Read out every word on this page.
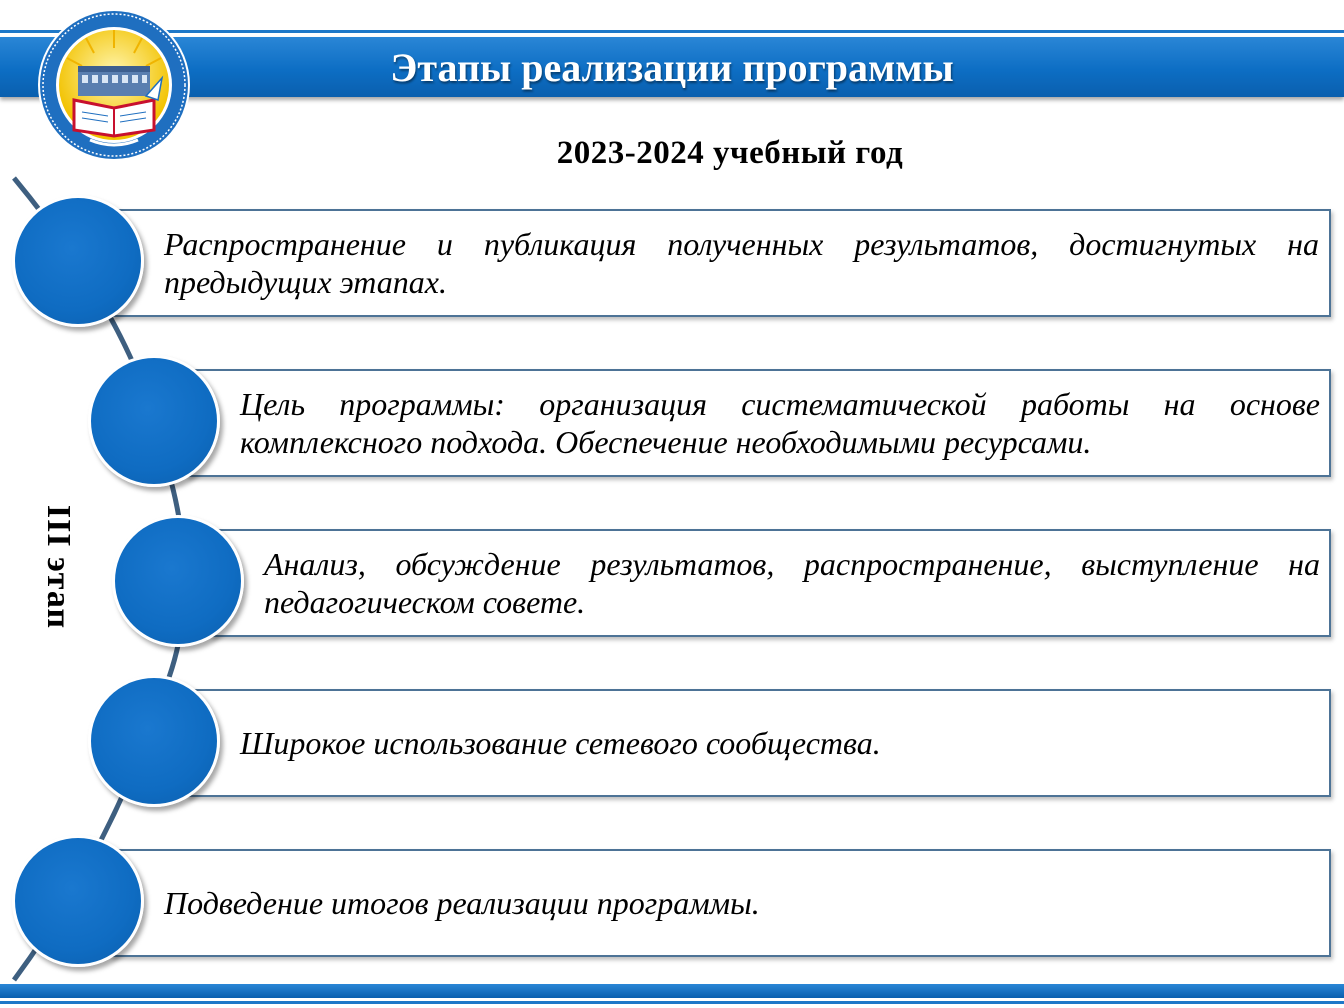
Этапы реализации программы
2023-2024 учебный год
Распространение и публикация полученных результатов, достигнутых на предыдущих этапах.
Цель программы: организация систематической работы на основе комплексного подхода. Обеспечение необходимыми ресурсами.
Анализ, обсуждение результатов, распространение, выступление на педагогическом совете.
Широкое использование сетевого сообщества.
Подведение итогов реализации программы.
III этап
